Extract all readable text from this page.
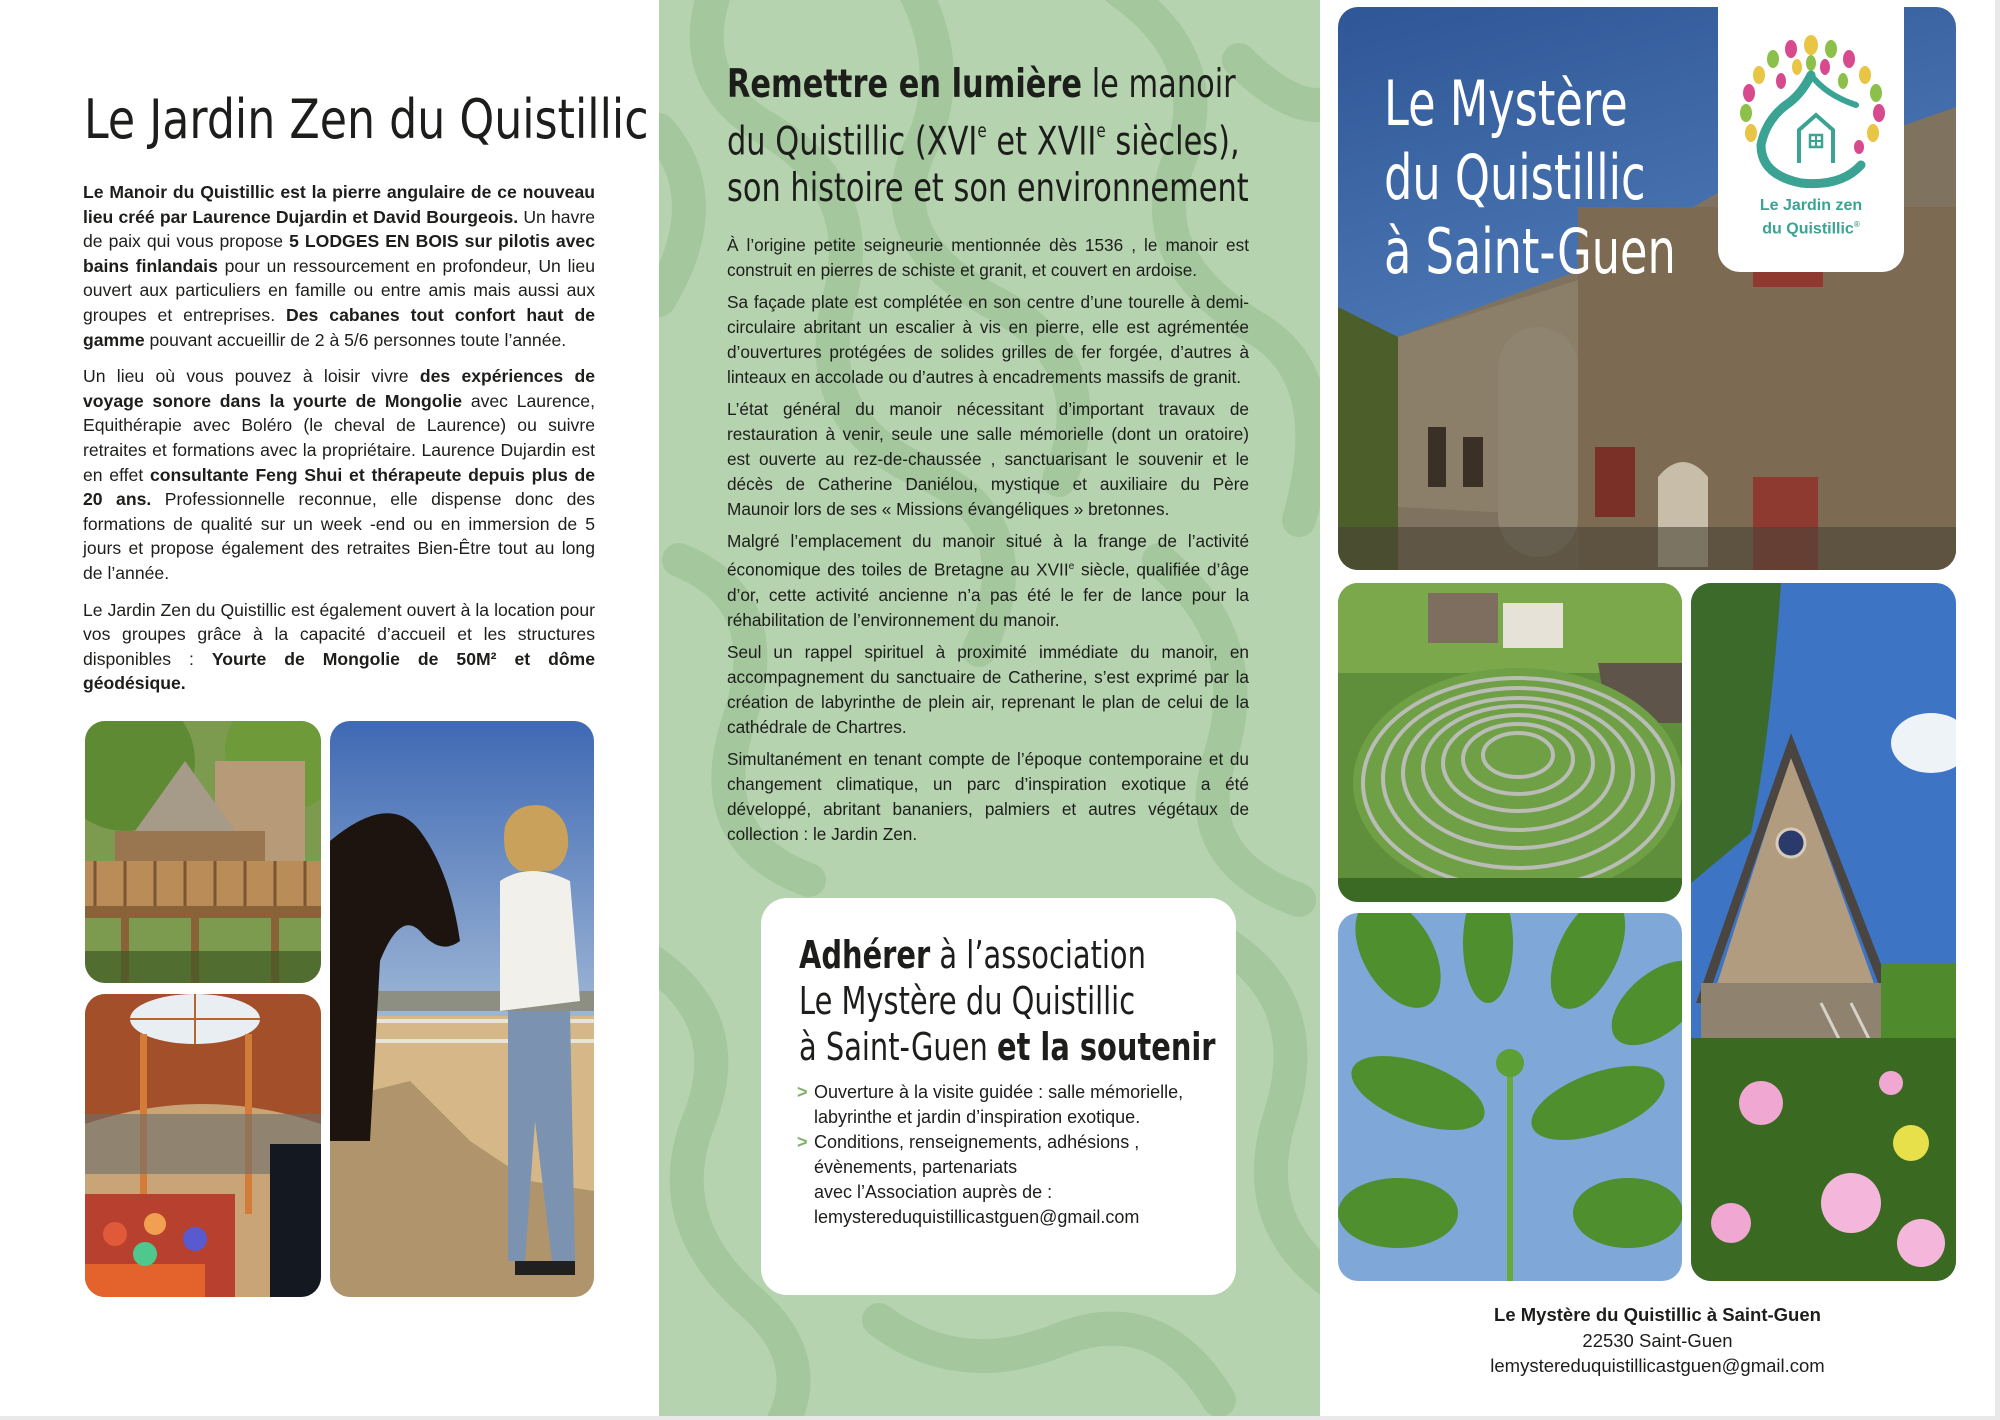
Le Jardin Zen du Quistillic

Le Manoir du Quistillic est la pierre angulaire de ce nouveau lieu créé par Laurence Dujardin et David Bourgeois. Un havre de paix qui vous propose 5 LODGES EN BOIS sur pilotis avec bains finlandais pour un ressourcement en profondeur, Un lieu ouvert aux particuliers en famille ou entre amis mais aussi aux groupes et entreprises. Des cabanes tout confort haut de gamme pouvant accueillir de 2 à 5/6 personnes toute l’année.

Un lieu où vous pouvez à loisir vivre des expériences de voyage sonore dans la yourte de Mongolie avec Laurence, Equithérapie avec Boléro (le cheval de Laurence) ou suivre retraites et formations avec la propriétaire. Laurence Dujardin est en effet consultante Feng Shui et thérapeute depuis plus de 20 ans. Professionnelle reconnue, elle dispense donc des formations de qualité sur un week -end ou en immersion de 5 jours et propose également des retraites Bien-Être tout au long de l’année.

Le Jardin Zen du Quistillic est également ouvert à la location pour vos groupes grâce à la capacité d’accueil et les structures disponibles : Yourte de Mongolie de 50M² et dôme géodésique.

Remettre en lumière le manoir
du Quistillic (XVIe et XVIIe siècles),
son histoire et son environnement

À l’origine petite seigneurie mentionnée dès 1536 , le manoir est construit en pierres de schiste et granit, et couvert en ardoise.

Sa façade plate est complétée en son centre d’une tourelle à demi-circulaire abritant un escalier à vis en pierre, elle est agrémentée d’ouvertures protégées de solides grilles de fer forgée, d’autres à linteaux en accolade ou d’autres à encadrements massifs de granit.

L’état général du manoir nécessitant d’important travaux de restauration à venir, seule une salle mémorielle (dont un oratoire) est ouverte au rez-de-chaussée , sanctuarisant le souvenir et le décès de Catherine Daniélou, mystique et auxiliaire du Père Maunoir lors de ses « Missions évangéliques » bretonnes.

Malgré l’emplacement du manoir situé à la frange de l’activité économique des toiles de Bretagne au XVIIe siècle, qualifiée d’âge d’or, cette activité ancienne n’a pas été le fer de lance pour la réhabilitation de l’environnement du manoir.

Seul un rappel spirituel à proximité immédiate du manoir, en accompagnement du sanctuaire de Catherine, s’est exprimé par la création de labyrinthe de plein air, reprenant le plan de celui de la cathédrale de Chartres.

Simultanément en tenant compte de l’époque contemporaine et du changement climatique, un parc d’inspiration exotique a été développé, abritant bananiers, palmiers et autres végétaux de collection : le Jardin Zen.

Adhérer à l’association
Le Mystère du Quistillic
à Saint-Guen et la soutenir
> Ouverture à la visite guidée : salle mémorielle, labyrinthe et jardin d’inspiration exotique.
> Conditions, renseignements, adhésions , évènements, partenariats
avec l’Association auprès de :
lemystereduquistillicastguen@gmail.com
Le Mystère
du Quistillic
à Saint-Guen
Le Jardin zen
du Quistillic®
Le Mystère du Quistillic à Saint-Guen
22530 Saint-Guen
lemystereduquistillicastguen@gmail.com
